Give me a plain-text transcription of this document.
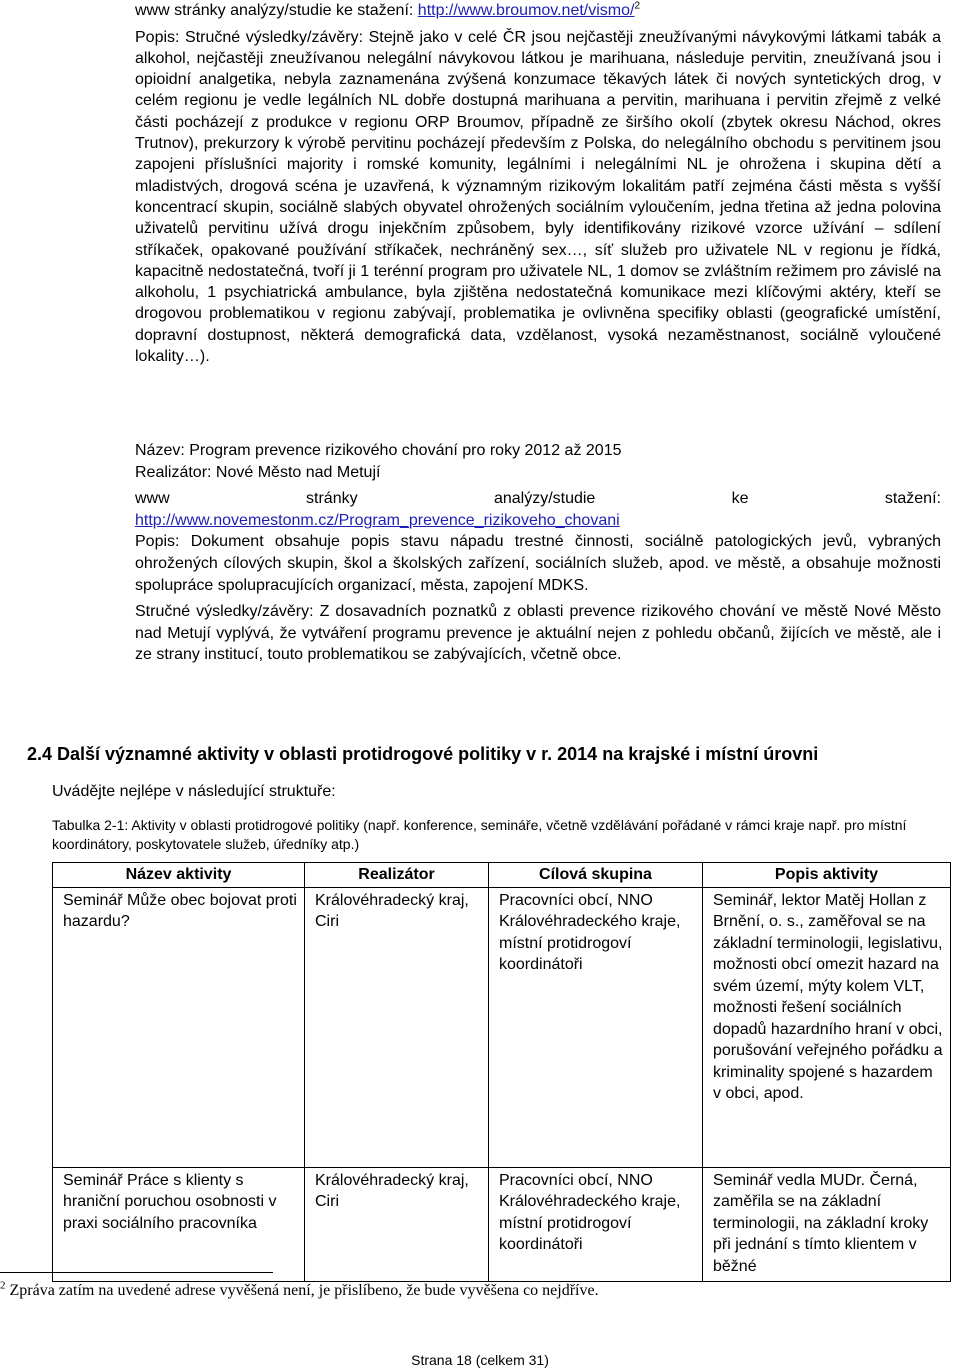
www stránky analýzy/studie ke stažení: http://www.broumov.net/vismo/$^2$
Popis: Stručné výsledky/závěry: Stejně jako v celé ČR jsou nejčastěji zneužívanými návykovými látkami tabák a alkohol, nejčastěji zneužívanou nelegální návykovou látkou je marihuana, následuje pervitin, zneužívaná jsou i opioidní analgetika, nebyla zaznamenána zvýšená konzumace těkavých látek či nových syntetických drog, v celém regionu je vedle legálních NL dobře dostupná marihuana a pervitin, marihuana i pervitin zřejmě z velké části pocházejí z produkce v regionu ORP Broumov, případně ze širšího okolí (zbytek okresu Náchod, okres Trutnov), prekurzory k výrobě pervitinu pocházejí především z Polska, do nelegálního obchodu s pervitinem jsou zapojeni příslušníci majority i romské komunity, legálními i nelegálními NL je ohrožena i skupina dětí a mladistvých, drogová scéna je uzavřená, k významným rizikovým lokalitám patří zejména části města s vyšší koncentrací skupin, sociálně slabých obyvatel ohrožených sociálním vyloučením, jedna třetina až jedna polovina uživatelů pervitinu užívá drogu injekčním způsobem, byly identifikovány rizikové vzorce užívání – sdílení stříkaček, opakované používání stříkaček, nechráněný sex…, síť služeb pro uživatele NL v regionu je řídká, kapacitně nedostatečná, tvoří ji 1 terénní program pro uživatele NL, 1 domov se zvláštním režimem pro závislé na alkoholu, 1 psychiatrická ambulance, byla zjištěna nedostatečná komunikace mezi klíčovými aktéry, kteří se drogovou problematikou v regionu zabývají, problematika je ovlivněna specifiky oblasti (geografické umístění, dopravní dostupnost, některá demografická data, vzdělanost, vysoká nezaměstnanost, sociálně vyloučené lokality…).
Název: Program prevence rizikového chování pro roky 2012 až 2015
Realizátor: Nové Město nad Metují
www	stránky	analýzy/studie	ke	stažení:
http://www.novemestonm.cz/Program_prevence_rizikoveho_chovani
Popis: Dokument obsahuje popis stavu nápadu trestné činnosti, sociálně patologických jevů, vybraných ohrožených cílových skupin, škol a školských zařízení, sociálních služeb, apod. ve městě, a obsahuje možnosti spolupráce spolupracujících organizací, města, zapojení MDKS.
Stručné výsledky/závěry: Z dosavadních poznatků z oblasti prevence rizikového chování ve městě Nové Město nad Metují vyplývá, že vytváření programu prevence je aktuální nejen z pohledu občanů, žijících ve městě, ale i ze strany institucí, touto problematikou se zabývajících, včetně obce.
2.4 Další významné aktivity v oblasti protidrogové politiky v r. 2014 na krajské i místní úrovni
Uvádějte nejlépe v následující struktuře:
Tabulka 2-1: Aktivity v oblasti protidrogové politiky (např. konference, semináře, včetně vzdělávání pořádané v rámci kraje např. pro místní koordinátory, poskytovatele služeb, úředníky atp.)
Název aktivity	Realizátor	Cílová skupina	Popis aktivity
Seminář Může obec bojovat proti hazardu?	Královéhradecký kraj, Ciri	Pracovníci obcí, NNO Královéhradeckého kraje, místní protidrogoví koordinátoři	Seminář, lektor Matěj Hollan z Brnění, o. s., zaměřoval se na základní terminologii, legislativu, možnosti obcí omezit hazard na svém území, mýty kolem VLT, možnosti řešení sociálních dopadů hazardního hraní v obci, porušování veřejného pořádku a kriminality spojené s hazardem v obci, apod.
Seminář Práce s klienty s hraniční poruchou osobnosti v praxi sociálního pracovníka	Královéhradecký kraj, Ciri	Pracovníci obcí, NNO Královéhradeckého kraje, místní protidrogoví koordinátoři	Seminář vedla MUDr. Černá, zaměřila se na základní terminologii, na základní kroky při jednání s tímto klientem v běžné
$^2$ Zpráva zatím na uvedené adrese vyvěšená není, je přislíbeno, že bude vyvěšena co nejdříve.
Strana 18 (celkem 31)
